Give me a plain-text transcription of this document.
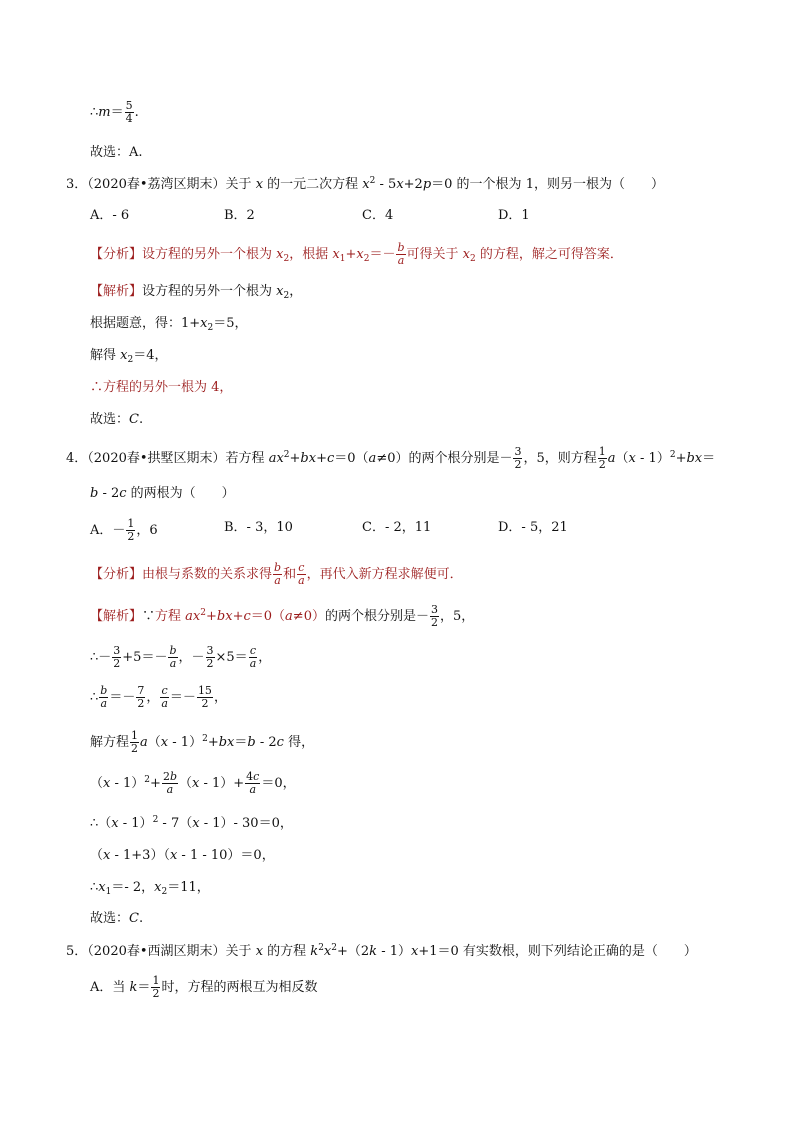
∴m＝ $\frac{5}{4}$ .
故选：A.
3．（2020春•荔湾区期末）关于 x 的一元二次方程 $x^2 - 5x+2p=0$ 的一个根为 1，则另一根为（　　）
A．- 6	B．2	C．4	D．1
【分析】设方程的另外一个根为 $x_2$，根据 $x_1+x_2=- \frac{b}{a}$ 可得关于 $x_2$ 的方程，解之可得答案．
【解析】设方程的另外一个根为 $x_2$，
根据题意，得：$1+x_2=5$，
解得 $x_2=4$，
∴方程的另外一根为 4，
故选：C.
4．（2020春•拱墅区期末）若方程 $ax^2+bx+c=0(a\ne 0)$的两个根分别是－ $\frac{3}{2}$ ，5，则方程 $\frac{1}{2} a(x - 1)^2+bx=$
b - 2c 的两根为（　　）
A．－ $\frac{1}{2}$ ，6	B．- 3，10	C．- 2，11	D．- 5，21
【分析】由根与系数的关系求得 $\frac{b}{a}$ 和 $\frac{c}{a}$ ，再代入新方程求解便可．
【解析】∵方程 $ax^2+bx+c=0(a\ne 0)$的两个根分别是－ $\frac{3}{2}$ ，5，
∴－ $\frac{3}{2} +5=- \frac{b}{a}$ ，－ $\frac{3}{2} \times 5= \frac{c}{a}$ ，
∴ $\frac{b}{a} =- \frac{7}{2}$ ， $\frac{c}{a} =- \frac{15}{2}$ ，
解方程 $\frac{1}{2} a(x - 1)^2+bx=b - 2c$ 得，
$(x - 1)^2+ \frac{2b}{a} (x - 1)+ \frac{4c}{a} =0$，
∴（x - 1）$^2$ - 7（x - 1）- 30＝0，
（x - 1+3）（x - 1 - 10）＝0，
$\therefore x_1=-$ 2，$x_2=11$，
故选：C.
5．（2020春•西湖区期末）关于 x 的方程 $k^2x^2+(2k - 1)x+1=0$ 有实数根，则下列结论正确的是（　　）
A．当 $k= \frac{1}{2}$ 时，方程的两根互为相反数
